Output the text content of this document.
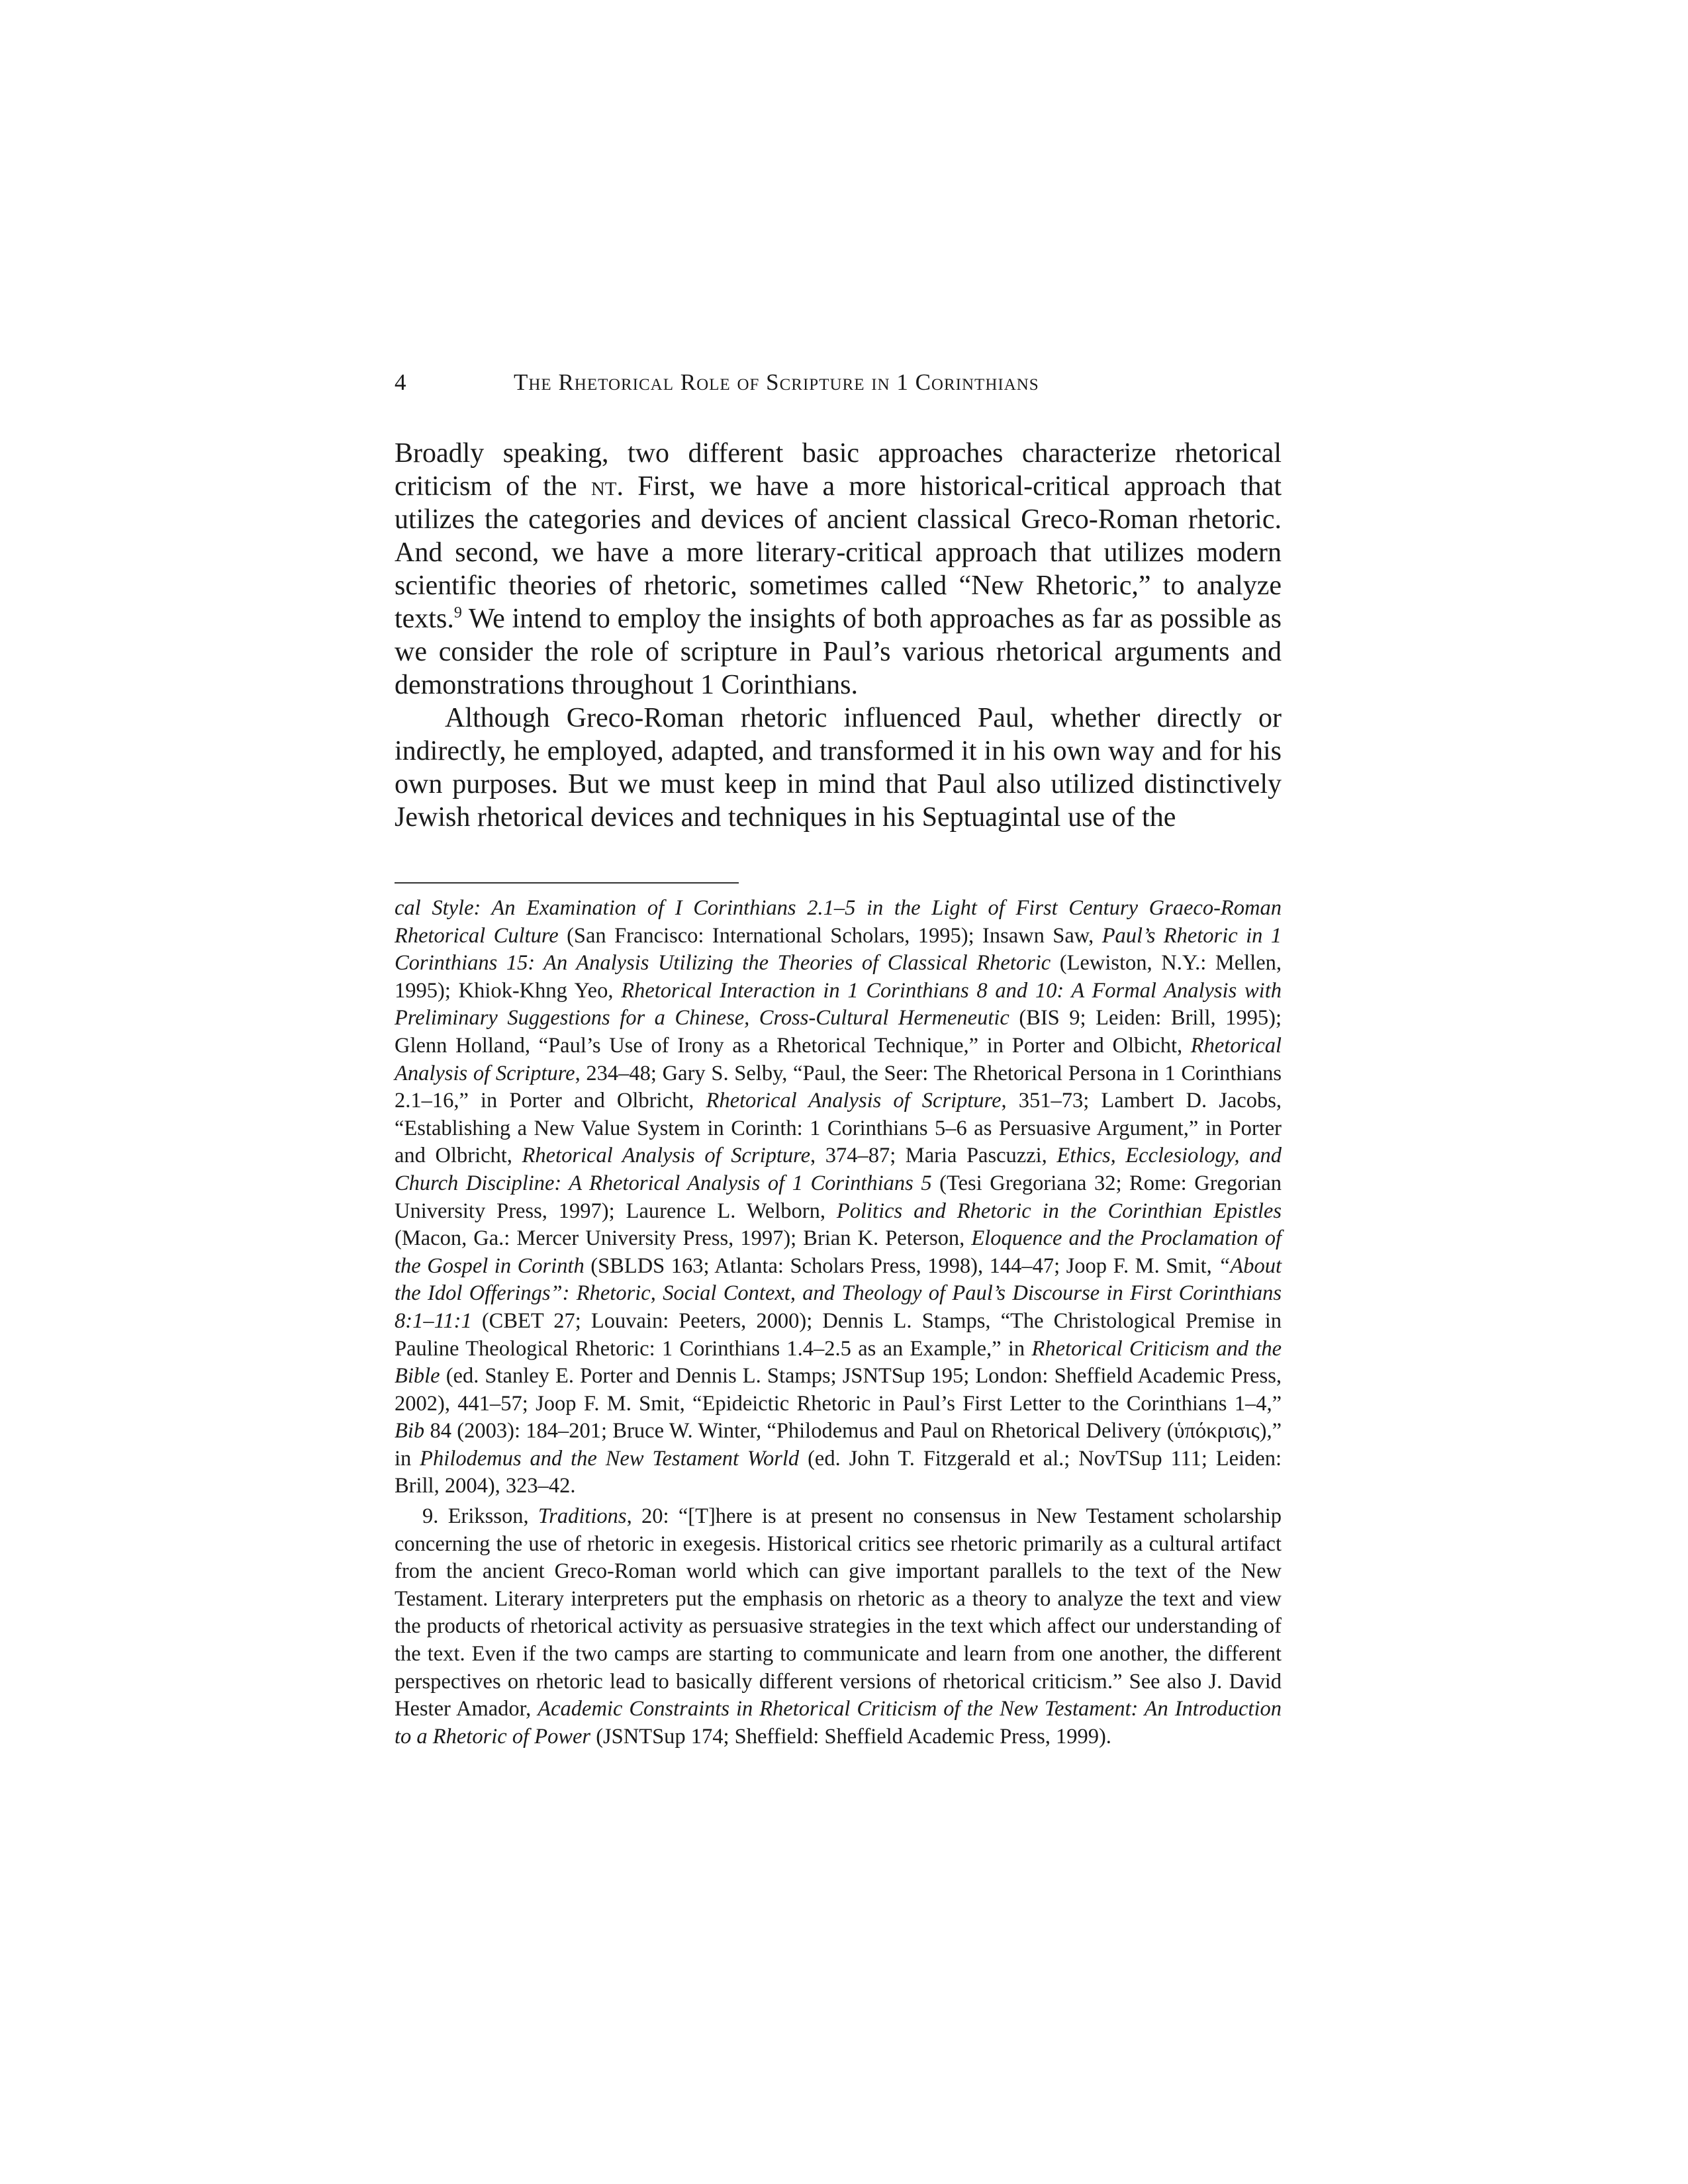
4	The Rhetorical Role of Scripture in 1 Corinthians

Broadly speaking, two different basic approaches characterize rhetorical criticism of the nt. First, we have a more historical-critical approach that utilizes the categories and devices of ancient classical Greco-Roman rhetoric. And second, we have a more literary-critical approach that utilizes modern scientific theories of rhetoric, sometimes called “New Rhetoric,” to analyze texts.$^9$ We intend to employ the insights of both approaches as far as possible as we consider the role of scripture in Paul’s various rhetorical arguments and demonstrations throughout 1 Corinthians.

Although Greco-Roman rhetoric influenced Paul, whether directly or indirectly, he employed, adapted, and transformed it in his own way and for his own purposes. But we must keep in mind that Paul also utilized distinctively Jewish rhetorical devices and techniques in his Septuagintal use of the

cal Style: An Examination of I Corinthians 2.1–5 in the Light of First Century Graeco-Roman Rhetorical Culture (San Francisco: International Scholars, 1995); Insawn Saw, Paul’s Rhetoric in 1 Corinthians 15: An Analysis Utilizing the Theories of Classical Rhetoric (Lewiston, N.Y.: Mellen, 1995); Khiok-Khng Yeo, Rhetorical Interaction in 1 Corinthians 8 and 10: A Formal Analysis with Preliminary Suggestions for a Chinese, Cross-Cultural Hermeneutic (BIS 9; Leiden: Brill, 1995); Glenn Holland, “Paul’s Use of Irony as a Rhetorical Technique,” in Porter and Olbicht, Rhetorical Analysis of Scripture, 234–48; Gary S. Selby, “Paul, the Seer: The Rhetorical Persona in 1 Corinthians 2.1–16,” in Porter and Olbricht, Rhetorical Analysis of Scripture, 351–73; Lambert D. Jacobs, “Establishing a New Value System in Corinth: 1 Corinthians 5–6 as Persuasive Argument,” in Porter and Olbricht, Rhetorical Analysis of Scripture, 374–87; Maria Pascuzzi, Ethics, Ecclesiology, and Church Discipline: A Rhetorical Analysis of 1 Corinthians 5 (Tesi Gregoriana 32; Rome: Gregorian University Press, 1997); Laurence L. Welborn, Politics and Rhetoric in the Corinthian Epistles (Macon, Ga.: Mercer University Press, 1997); Brian K. Peterson, Eloquence and the Proclamation of the Gospel in Corinth (SBLDS 163; Atlanta: Scholars Press, 1998), 144–47; Joop F. M. Smit, “About the Idol Offerings”: Rhetoric, Social Context, and Theology of Paul’s Discourse in First Corinthians 8:1–11:1 (CBET 27; Louvain: Peeters, 2000); Dennis L. Stamps, “The Christological Premise in Pauline Theological Rhetoric: 1 Corinthians 1.4–2.5 as an Example,” in Rhetorical Criticism and the Bible (ed. Stanley E. Porter and Dennis L. Stamps; JSNTSup 195; London: Sheffield Academic Press, 2002), 441–57; Joop F. M. Smit, “Epideictic Rhetoric in Paul’s First Letter to the Corinthians 1–4,” Bib 84 (2003): 184–201; Bruce W. Winter, “Philodemus and Paul on Rhetorical Delivery (ὑπόκρισις),” in Philodemus and the New Testament World (ed. John T. Fitzgerald et al.; NovTSup 111; Leiden: Brill, 2004), 323–42.

9. Eriksson, Traditions, 20: “[T]here is at present no consensus in New Testament scholarship concerning the use of rhetoric in exegesis. Historical critics see rhetoric primarily as a cultural artifact from the ancient Greco-Roman world which can give important parallels to the text of the New Testament. Literary interpreters put the emphasis on rhetoric as a theory to analyze the text and view the products of rhetorical activity as persuasive strategies in the text which affect our understanding of the text. Even if the two camps are starting to communicate and learn from one another, the different perspectives on rhetoric lead to basically different versions of rhetorical criticism.” See also J. David Hester Amador, Academic Constraints in Rhetorical Criticism of the New Testament: An Introduction to a Rhetoric of Power (JSNTSup 174; Sheffield: Sheffield Academic Press, 1999).
